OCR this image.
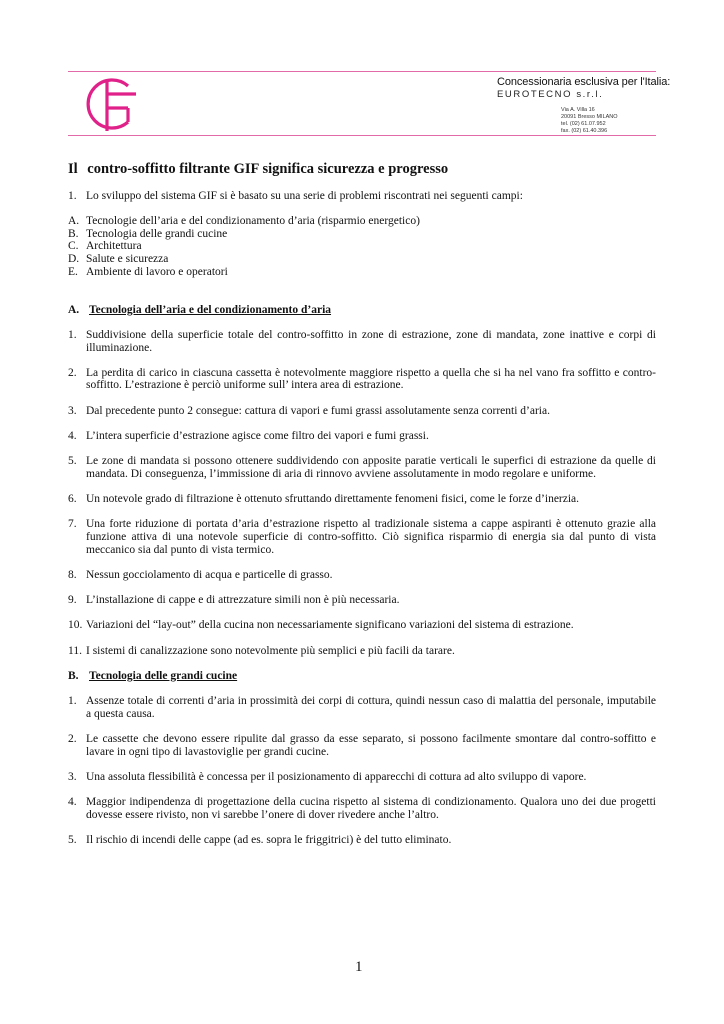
Concessionaria esclusiva per l'Italia:
EUROTECNO s.r.l.
Via A. Villa 16
20091 Bresso MILANO
tel. (02) 61.07.952
fax. (02) 61.40.396
Il contro-soffitto filtrante GIF significa sicurezza e progresso
1. Lo sviluppo del sistema GIF si è basato su una serie di problemi riscontrati nei seguenti campi:
A. Tecnologie dell’aria e del condizionamento d’aria (risparmio energetico)
B. Tecnologia delle grandi cucine
C. Architettura
D. Salute e sicurezza
E. Ambiente di lavoro e operatori
A. Tecnologia dell’aria e del condizionamento d’aria
1. Suddivisione della superficie totale del contro-soffitto in zone di estrazione, zone di mandata, zone inattive e corpi di illuminazione.
2. La perdita di carico in ciascuna cassetta è notevolmente maggiore rispetto a quella che si ha nel vano fra soffitto e contro-soffitto. L’estrazione è perciò uniforme sull’ intera area di estrazione.
3. Dal precedente punto 2 consegue: cattura di vapori e fumi grassi assolutamente senza correnti d’aria.
4. L’intera superficie d’estrazione agisce come filtro dei vapori e fumi grassi.
5. Le zone di mandata si possono ottenere suddividendo con apposite paratie verticali le superfici di estrazione da quelle di mandata. Di conseguenza, l’immissione di aria di rinnovo avviene assolutamente in modo regolare e uniforme.
6. Un notevole grado di filtrazione è ottenuto sfruttando direttamente fenomeni fisici, come le forze d’inerzia.
7. Una forte riduzione di portata d’aria d’estrazione rispetto al tradizionale sistema a cappe aspiranti è ottenuto grazie alla funzione attiva di una notevole superficie di contro-soffitto. Ciò significa risparmio di energia sia dal punto di vista meccanico sia dal punto di vista termico.
8. Nessun gocciolamento di acqua e particelle di grasso.
9. L’installazione di cappe e di attrezzature simili non è più necessaria.
10. Variazioni del “lay-out” della cucina non necessariamente significano variazioni del sistema di estrazione.
11. I sistemi di canalizzazione sono notevolmente più semplici e più facili da tarare.
B. Tecnologia delle grandi cucine
1. Assenze totale di correnti d’aria in prossimità dei corpi di cottura, quindi nessun caso di malattia del personale, imputabile a questa causa.
2. Le cassette che devono essere ripulite dal grasso da esse separato, si possono facilmente smontare dal contro-soffitto e lavare in ogni tipo di lavastoviglie per grandi cucine.
3. Una assoluta flessibilità è concessa per il posizionamento di apparecchi di cottura ad alto sviluppo di vapore.
4. Maggior indipendenza di progettazione della cucina rispetto al sistema di condizionamento. Qualora uno dei due progetti dovesse essere rivisto, non vi sarebbe l’onere di dover rivedere anche l’altro.
5. Il rischio di incendi delle cappe (ad es. sopra le friggitrici) è del tutto eliminato.
1
